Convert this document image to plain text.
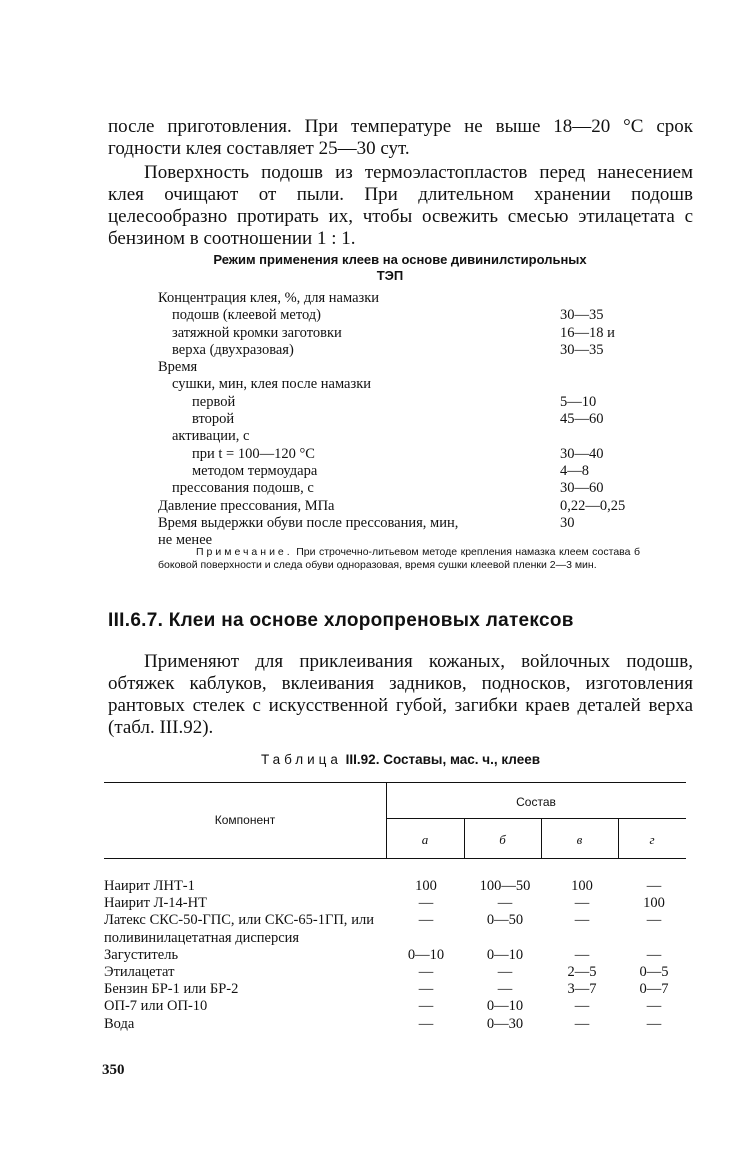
после приготовления. При температуре не выше 18—20 °С срок годности клея составляет 25—30 сут.

Поверхность подошв из термоэластопластов перед нанесением клея очищают от пыли. При длительном хранении подошв целесообразно протирать их, чтобы освежить смесью этилацетата с бензином в соотношении 1 : 1.

Режим применения клеев на основе дивинилстирольных

ТЭП

Концентрация клея, %, для намазки
подошв (клеевой метод)	30—35
затяжной кромки заготовки	16—18 и
верха (двухразовая)	30—35
Время
сушки, мин, клея после намазки
первой	5—10
второй	45—60
активации, с
при t = 100—120 °С	30—40
методом термоудара	4—8
прессования подошв, с	30—60
Давление прессования, МПа	0,22—0,25
Время выдержки обуви после прессования, мин,	30
не менее

Примечание. При строчечно-литьевом методе крепления намазка клеем состава б боковой поверхности и следа обуви одноразовая, время сушки клеевой пленки 2—3 мин.

III.6.7. Клеи на основе хлоропреновых латексов

Применяют для приклеивания кожаных, войлочных подошв, обтяжек каблуков, вклеивания задников, подносков, изготовления рантовых стелек с искусственной губой, загибки краев деталей верха (табл. III.92).

Таблица III.92. Составы, мас. ч., клеев

Компонент

Состав

а	б	в	г

Наирит ЛНТ-1	100	100—50	100	—
Наирит Л-14-НТ	—	—	—	100
Латекс СКС-50-ГПС, или СКС-65-1ГП, или поливинилацетатная дисперсия
—	0—50	—	—
Загуститель	0—10	0—10	—	—
Этилацетат	—	—	2—5	0—5
Бензин БР-1 или БР-2	—	—	3—7	0—7
ОП-7 или ОП-10	—	0—10	—	—
Вода	—	0—30	—	—

350
